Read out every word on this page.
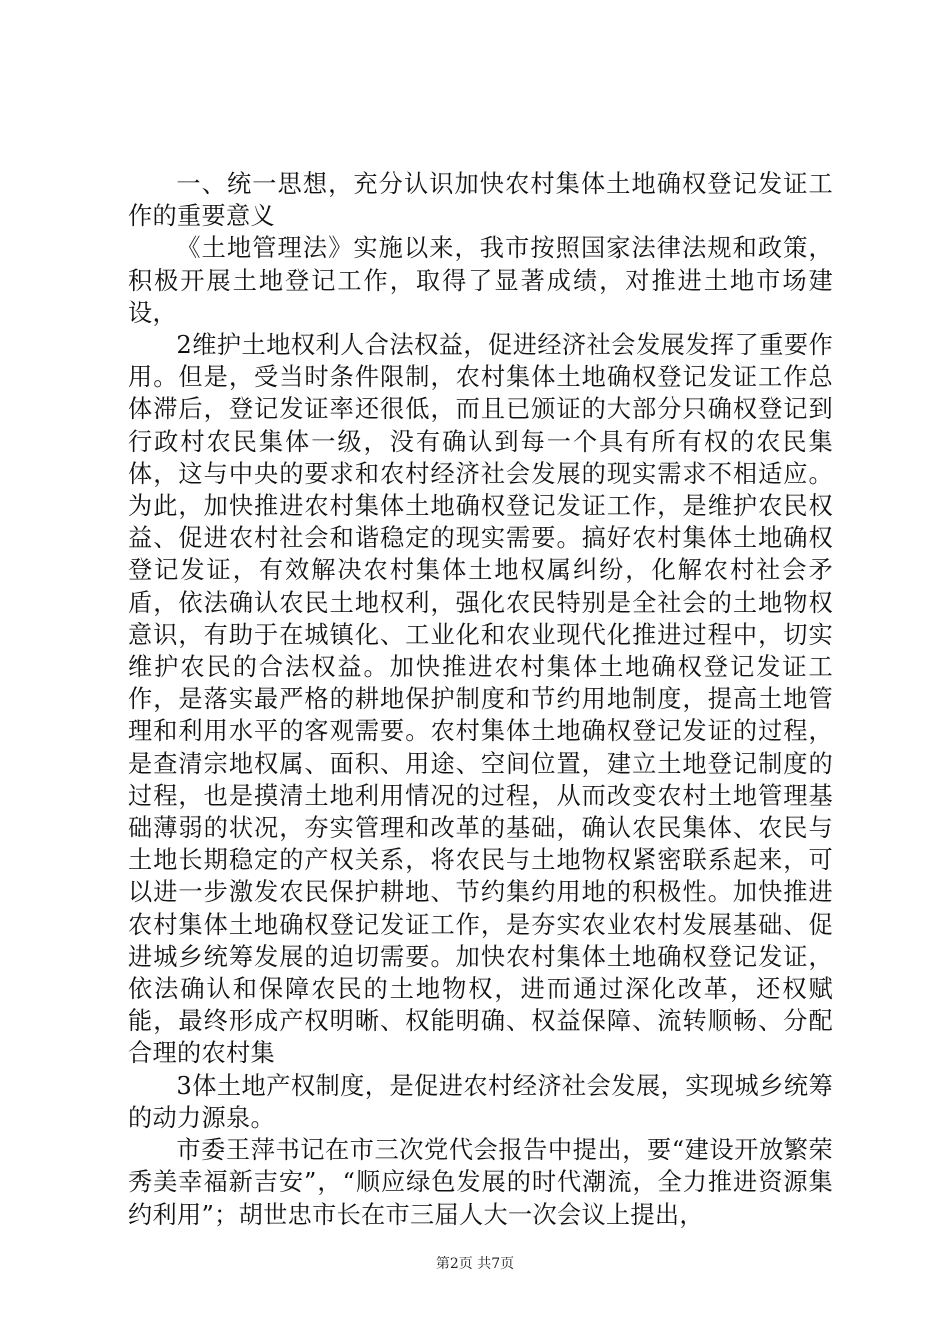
一、统一思想，充分认识加快农村集体土地确权登记发证工作的重要意义

《土地管理法》实施以来，我市按照国家法律法规和政策，积极开展土地登记工作，取得了显著成绩，对推进土地市场建设，

2维护土地权利人合法权益，促进经济社会发展发挥了重要作用。但是，受当时条件限制，农村集体土地确权登记发证工作总体滞后，登记发证率还很低，而且已颁证的大部分只确权登记到行政村农民集体一级，没有确认到每一个具有所有权的农民集体，这与中央的要求和农村经济社会发展的现实需求不相适应。为此，加快推进农村集体土地确权登记发证工作，是维护农民权益、促进农村社会和谐稳定的现实需要。搞好农村集体土地确权登记发证，有效解决农村集体土地权属纠纷，化解农村社会矛盾，依法确认农民土地权利，强化农民特别是全社会的土地物权意识，有助于在城镇化、工业化和农业现代化推进过程中，切实维护农民的合法权益。加快推进农村集体土地确权登记发证工作，是落实最严格的耕地保护制度和节约用地制度，提高土地管理和利用水平的客观需要。农村集体土地确权登记发证的过程，是查清宗地权属、面积、用途、空间位置，建立土地登记制度的过程，也是摸清土地利用情况的过程，从而改变农村土地管理基础薄弱的状况，夯实管理和改革的基础，确认农民集体、农民与土地长期稳定的产权关系，将农民与土地物权紧密联系起来，可以进一步激发农民保护耕地、节约集约用地的积极性。加快推进农村集体土地确权登记发证工作，是夯实农业农村发展基础、促进城乡统筹发展的迫切需要。加快农村集体土地确权登记发证，依法确认和保障农民的土地物权，进而通过深化改革，还权赋能，最终形成产权明晰、权能明确、权益保障、流转顺畅、分配合理的农村集

3体土地产权制度，是促进农村经济社会发展，实现城乡统筹的动力源泉。

市委王萍书记在市三次党代会报告中提出，要“建设开放繁荣秀美幸福新吉安”，“顺应绿色发展的时代潮流，全力推进资源集约利用”；胡世忠市长在市三届人大一次会议上提出，

第2页 共7页
